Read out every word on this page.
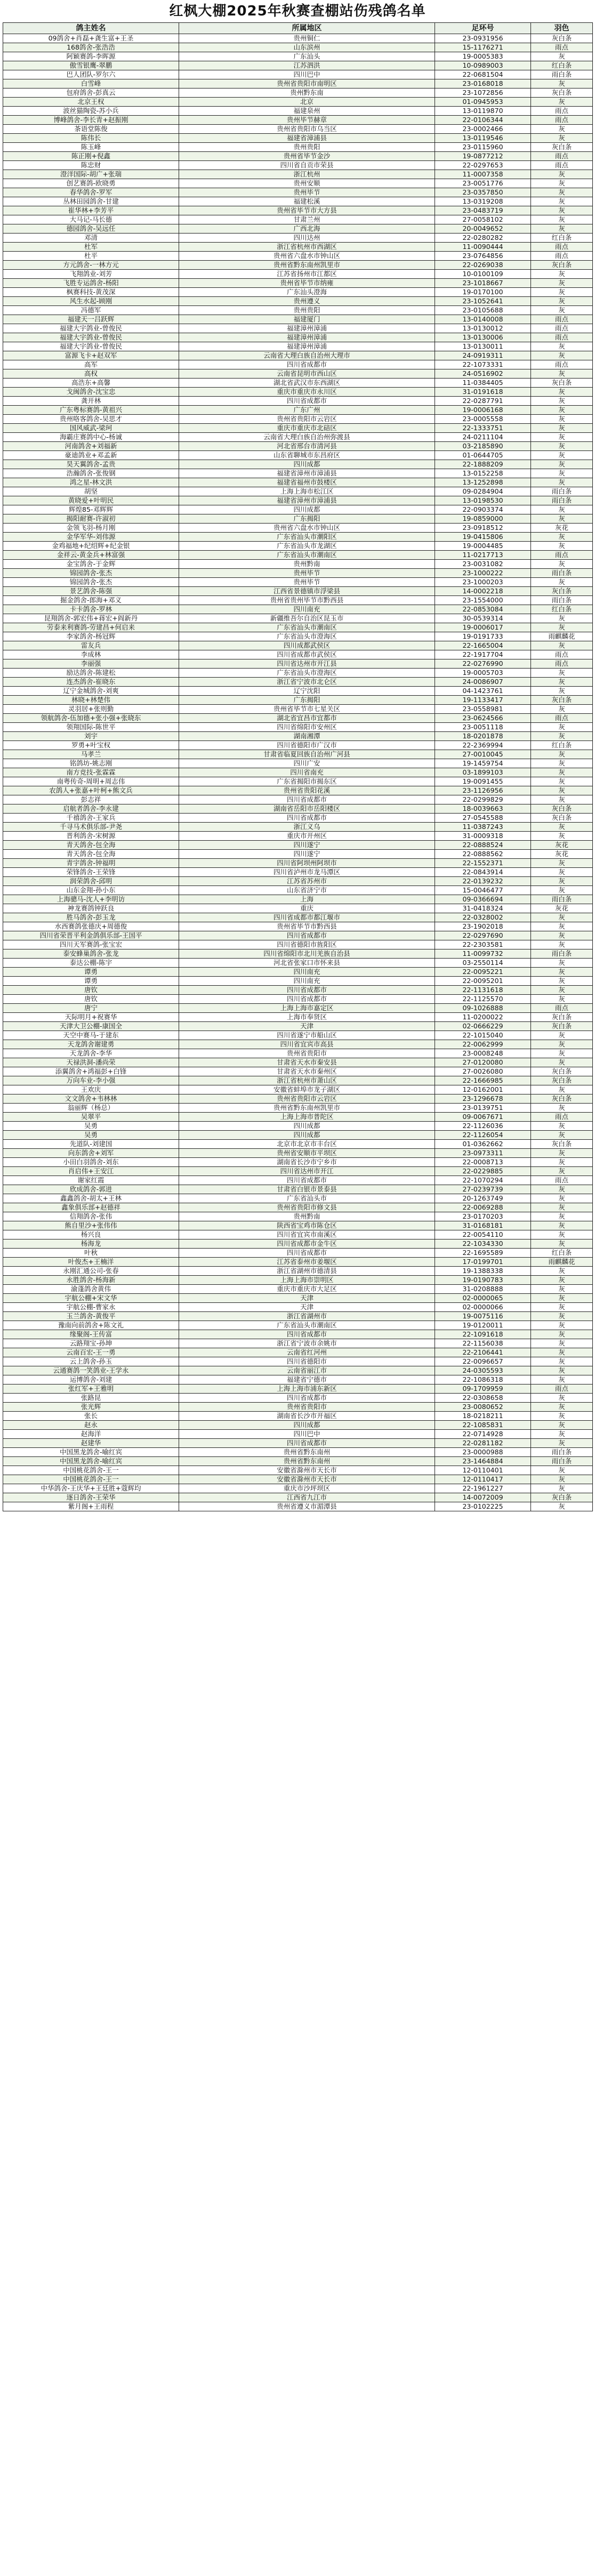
红枫大棚2025年秋赛查棚站伤残鸽名单
鸽主姓名	所属地区	足环号	羽色
09鸽舍+肖磊+龚生富+王圣	贵州铜仁	23-0931956	灰白条
168鸽舍-张浩浩	山东滨州	15-1176271	雨点
阿颖赛鸽-李晖源	广东汕头	19-0005383	灰
傲雪银鹰-翠鹏	江苏泗洪	10-0989003	红白条
巴人团队-罗尔六	四川巴中	22-0681504	雨白条
白雪峰	贵州省贵阳市南明区	23-0168018	灰
包府鸽舍-彭真云	贵州黔东南	23-1072856	灰白条
北京王权	北京	01-0945953	灰
波丝猫陶瓷-苏小兵	福建泉州	13-0119870	雨点
博峰鸽舍-李长青+赵振刚	贵州毕节赫章	22-0106344	雨点
茶语堂陈俊	贵州省贵阳市乌当区	23-0002466	灰
陈伟长	福建省漳浦县	13-0119546	灰
陈玉峰	贵州贵阳	23-0115960	灰白条
陈正刚+倪鑫	贵州省毕节金沙	19-0877212	雨点
陈忠财	四川省自贡市荣县	22-0297653	雨点
澄洋国际-胡广+张瑞	浙江杭州	11-0007358	灰
创艺赛鸽-欧晓勇	贵州安顺	23-0051776	灰
春华鸽舍-罗军	贵州毕节	23-0357850	灰
丛林田园鸽舍-甘建	福建松溪	13-0319208	灰
崔华林+李芳平	贵州省毕节市大方县	23-0483719	灰
大马记-马长德	甘肃兰州	27-0058102	灰
德园鸽舍-吴远任	广西北海	20-0049652	灰
邓清	四川达州	22-0280282	红白条
杜军	浙江省杭州市西湖区	11-0090444	雨点
杜平	贵州省六盘水市钟山区	23-0764856	雨点
方元鸽舍-一林方元	贵州省黔东南州凯里市	22-0269038	灰白条
飞翔鸽业-刘芳	江苏省扬州市江都区	10-0100109	灰
飞胜专运鸽舍-杨阳	贵州省毕节市纳雍	23-1018667	灰
枫赛科技-黄茂深	广东汕头澄海	19-0170100	灰
风生水起-顾刚	贵州遵义	23-1052641	灰
冯德军	贵州贵阳	23-0105688	灰
福建天一吕跃辉	福建厦门	13-0140008	雨点
福建大宇鸽业-曾俊民	福建漳州漳浦	13-0130012	雨点
福建大宇鸽业-曾俊民	福建漳州漳浦	13-0130006	雨点
福建大宇鸽业-曾俊民	福建漳州漳浦	13-0130011	灰
富源飞卡+赵双军	云南省大理白族自治州大理市	24-0919311	灰
高军	四川省成都市	22-1073331	雨点
高权	云南省昆明市西山区	24-0516902	灰
高浩东+高馨	湖北省武汉市东西湖区	11-0384405	灰白条
戈闽鸽舍-沈宝忠	重庆市重庆市永川区	31-0191618	灰
龚开林	四川省成都市	22-0287791	灰
广东粤标赛鸽-黄祖兴	广东广州	19-0006168	灰
贵州咯客鸽舍-吴思才	贵州省贵阳市云岩区	23-0005558	灰
国风威武-梁珂	重庆市重庆市北碚区	22-1333751	灰
海霸庄赛鸽中心-杨诚	云南省大理白族自治州弥渡县	24-0211104	灰
河南鸽舍+刘福新	河北省邢台市清河县	03-2185890	灰
豪迪鸽业+邓孟新	山东省聊城市东昌府区	01-0644705	灰
昊天翼鸽舍-孟贵	四川成都	22-1888209	灰
浩瀚鸽舍-张俊钢	福建省漳州市漳浦县	13-0152258	灰
鸿之星-林文洪	福建省福州市鼓楼区	13-1252898	灰
胡坚	上海上海市松江区	09-0284904	雨白条
黄晓爱+叶明民	福建省漳州市漳浦县	13-0198530	雨白条
辉煌85-邓辉辉	四川成都	22-0903374	灰
揭阳耐赛-许淑初	广东揭阳	19-0859000	灰
金领飞羽-杨月刚	贵州省六盘水市钟山区	23-0918512	灰花
金华军华-刘伟源	广东省汕头市潮阳区	19-0415806	灰
金鸡福地+纪绍辉+纪金银	广东省汕头市龙湖区	19-0004485	灰
金祥云-黄金兵+林富强	广东省汕头市潮南区	11-0217713	雨点
金宝鸽舍-于金辉	贵州黔南	23-0031082	灰
锦园鸽舍-张杰	贵州毕节	23-1000222	雨白条
锦园鸽舍-张杰	贵州毕节	23-1000203	灰
景艺鸽舍-陈强	江西省景德镇市浮梁县	14-0002218	灰白条
掘金鸽舍-郎海+邓义	贵州省贵州毕节市黔西县	23-1554000	雨白条
卡卡鸽舍-罗林	四川南充	22-0853084	红白条
昆翔鸽舍-郭宏伟+蒋宏+阎新丹	新疆维吾尔自治区昆玉市	30-0539314	灰
劳泰来利赛鸽-劳建昌+何启来	广东省汕头市潮南区	19-0006017	灰
李家鸽舍-杨冠辉	广东省汕头市澄海区	19-0191733	雨麒麟花
雷友兵	四川成都武侯区	22-1665004	灰
李成林	四川省成都市武侯区	22-1917704	雨点
李丽强	四川省达州市开江县	22-0276990	雨点
励达鸽舍-陈建松	广东省汕头市澄海区	19-0005703	灰
连杰鸽舍-崔晓东	浙江省宁波市北仑区	24-0086907	灰
辽宁金城鸽舍-刘爽	辽宁沈阳	04-1423761	灰
林晓+林楚伟	广东揭阳	19-1133417	灰白条
灵羽居+张则勤	贵州省毕节市七星关区	23-0558981	灰
领航鸽舍-伍加德+张小强+张晓东	湖北省宜昌市宜都市	23-0624566	雨点
领翔国际-陈世平	四川省绵阳市安州区	23-0051118	灰
刘宇	湖南湘潭	18-0201878	灰
罗勇+叶宝权	四川省德阳市广汉市	22-2369994	红白条
马孝兰	甘肃省临夏回族自治州广河县	27-0010045	灰
铭鸽坊-姚志刚	四川广安	19-1459754	灰
南方竞技-张霖霖	四川省南充	03-1899103	灰
南粤传奇-周明+周志伟	广东省揭阳市揭东区	19-0091455	灰
农鸽人+张嘉+叶柯+熊文兵	贵州省贵阳花溪	23-1126956	灰
彭志祥	四川省成都市	22-0299829	灰
启航者鸽舍-李永建	湖南省岳阳市岳阳楼区	18-0039663	灰白条
千禧鸽舍-王家兵	四川省成都市	27-0545588	灰白条
千寻马术俱乐部-尹尧	浙江义乌	11-0387243	灰
晋利鸽舍-宋树源	重庆市开州区	31-0009318	灰
青天鸽舍-包全海	四川遂宁	22-0888524	灰花
青天鸽舍-包全海	四川遂宁	22-0888562	灰花
青宇鸽舍-钟福明	四川省阿坝州阿坝市	22-1552371	灰
荣锋鸽舍-王荣锋	四川省泸州市龙马潭区	22-0843914	灰
润荣鸽舍-邱明	江苏省苏州市	22-0139232	灰
山东金翔-孙小东	山东省济宁市	15-0046477	灰
上海骢马-沈人+李明访	上海	09-0366694	雨白条
神龙赛鸽钟跃良	重庆	31-0418324	灰花
胜马鸽舍-彭玉龙	四川省成都市都江堰市	22-0328002	灰
水西赛鸽张德庆+周德俊	贵州省毕节市黔西县	23-1902018	灰
四川省荣晋平利金鸽俱乐部-王国平	四川省成都市	22-0297690	灰
四川天军赛鸽-张宝宏	四川省德阳市旌阳区	22-2303581	灰
泰安蜂巢鸽舍-张龙	四川省绵阳市北川羌族自治县	11-0099732	雨白条
泰达公棚-陈宇	河北省张家口市怀来县	03-2550114	灰
谭勇	四川南充	22-0095221	灰
谭勇	四川南充	22-0095201	灰
唐钦	四川省成都市	22-1131618	灰
唐钦	四川省成都市	22-1125570	灰
唐宁	上海上海市嘉定区	09-1026888	雨点
天际明月+祝赛华	上海市奉贤区	11-0200022	灰白条
天津大卫公棚-康国全	天津	02-0666229	灰白条
天空中赛马-于建东	四川省遂宁市船山区	22-1015040	灰
天龙鸽舍谢建勇	四川省宜宾市高县	22-0062999	灰
天龙鸽舍-李华	贵州省贵阳市	23-0008248	灰
天禄洪洞-潘尚荣	甘肃省天水市秦安县	27-0120080	灰
添翼鸽舍+鸿福彭+白锋	甘肃省天水市秦州区	27-0026080	灰白条
万向车业-李小强	浙江省杭州市萧山区	22-1666985	灰白条
王欢庆	安徽省蚌埠市龙子湖区	12-0162001	灰
文文鸽舍+韦林林	贵州省贵阳市云岩区	23-1296678	灰白条
翁丽辉（杨总）	贵州省黔东南州凯里市	23-0139751	灰
吴翠平	上海上海市普陀区	09-0067671	雨点
吴勇	四川成都	22-1126036	灰
吴勇	四川成都	22-1126054	灰
先道队-刘建国	北京市北京市丰台区	01-0362662	灰白条
向东鸽舍+刘军	贵州省安顺市平坝区	23-0973311	灰
小田白羽鸽舍-刘东	湖南省长沙市宁乡市	22-0008713	灰
肖启伟+王安江	四川省达州市开江	22-0229885	灰
谢家红霞	四川省成都市	22-1070294	雨点
欣成鸽舍-郭进	甘肃省白银市景泰县	27-0239739	灰
鑫鑫鸽舍-胡太+王林	广东省汕头市	20-1263749	灰
鑫象俱乐部+赵德祥	贵州省贵阳市修文县	22-0069288	灰
信翔鸽舍-张伟	贵州黔南	23-0170203	灰
熊自里沙+张伟伟	陕西省宝鸡市陈仓区	31-0168181	灰
杨兴良	四川省宜宾市南溪区	22-0054110	灰
杨海龙	四川省成都市金牛区	22-1034330	灰
叶秋	四川省成都市	22-1695589	红白条
叶俊杰+王楠洋	江苏省泰州市姜堰区	17-0199701	雨麒麟花
永刚汇通公司-张春	浙江省湖州市德清县	19-1388338	灰
永胜鸽舍-杨海新	上海上海市崇明区	19-0190783	灰
渝蓬鸽舍黄伟	重庆市重庆市大足区	31-0208888	灰
宇航公棚+宋文华	天津	02-0000065	灰
宇航公棚-曹家永	天津	02-0000066	灰
玉兰鸽舍-黄俊平	浙江省湖州市	19-0075116	灰
豫南向前鸽舍+陈文礼	广东省汕头市潮南区	19-0120011	灰
缘聚阁-王传富	四川省成都市	22-1091618	灰
云路翔宝-孙坤	浙江省宁波市余姚市	22-1156038	灰
云南百宏-王一勇	云南省红河州	22-2106441	灰
云上鸽舍-孙玉	四川省德阳市	22-0096657	灰
云通赛鸽一笑鸽业-王学永	云南省丽江市	24-0305593	灰
运博鸽舍-刘建	福建省宁德市	22-1086318	灰
张红军+王雅明	上海上海市浦东新区	09-1709959	雨点
张路昆	四川省成都市	22-0308658	灰
张光辉	贵州省贵阳市	23-0080652	灰
张长	湖南省长沙市开福区	18-0218211	灰
赵永	四川成都	22-1085831	灰
赵海洋	四川巴中	22-0714928	灰
赵建华	四川省成都市	22-0281182	灰
中国黑龙鸽舍-喻红宾	贵州省黔东南州	23-0000988	雨白条
中国黑龙鸽舍-喻红宾	贵州省黔东南州	23-1464884	雨白条
中国桃花鸽舍-王一	安徽省滁州市天长市	12-0110401	灰
中国桃花鸽舍-王一	安徽省滁州市天长市	12-0110417	灰
中华鸽舍-王庆华+王廷胜+蔻辉均	重庆市沙坪坝区	22-1961227	灰
逐日鸽舍-王荣华	江西省九江市	14-0072009	灰白条
紫月阁+王雨程	贵州省遵义市湄潭县	23-0102225	灰
